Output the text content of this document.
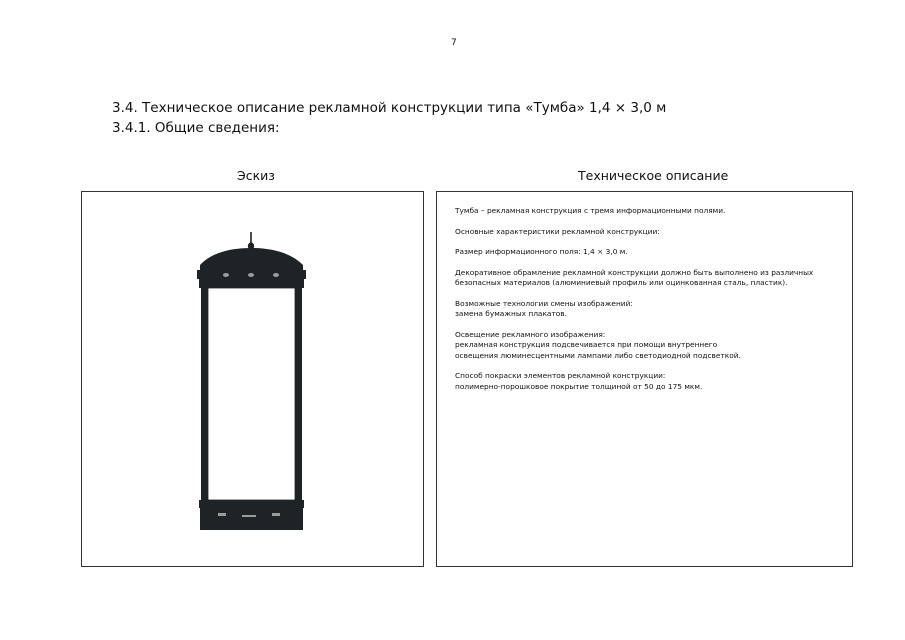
7
3.4. Техническое описание рекламной конструкции типа «Тумба» 1,4 × 3,0 м
3.4.1. Общие сведения:
Эскиз	Техническое описание

Тумба – рекламная конструкция с тремя информационными полями.

Основные характеристики рекламной конструкции:

Размер информационного поля: 1,4 × 3,0 м.

Декоративное обрамление рекламной конструкции должно быть выполнено из различных
безопасных материалов (алюминиевый профиль или оцинкованная сталь, пластик).

Возможные технологии смены изображений:
замена бумажных плакатов.

Освещение рекламного изображения:
рекламная конструкция подсвечивается при помощи внутреннего
освещения люминесцентными лампами либо светодиодной подсветкой.

Способ покраски элементов рекламной конструкции:
полимерно-порошковое покрытие толщиной от 50 до 175 мкм.
